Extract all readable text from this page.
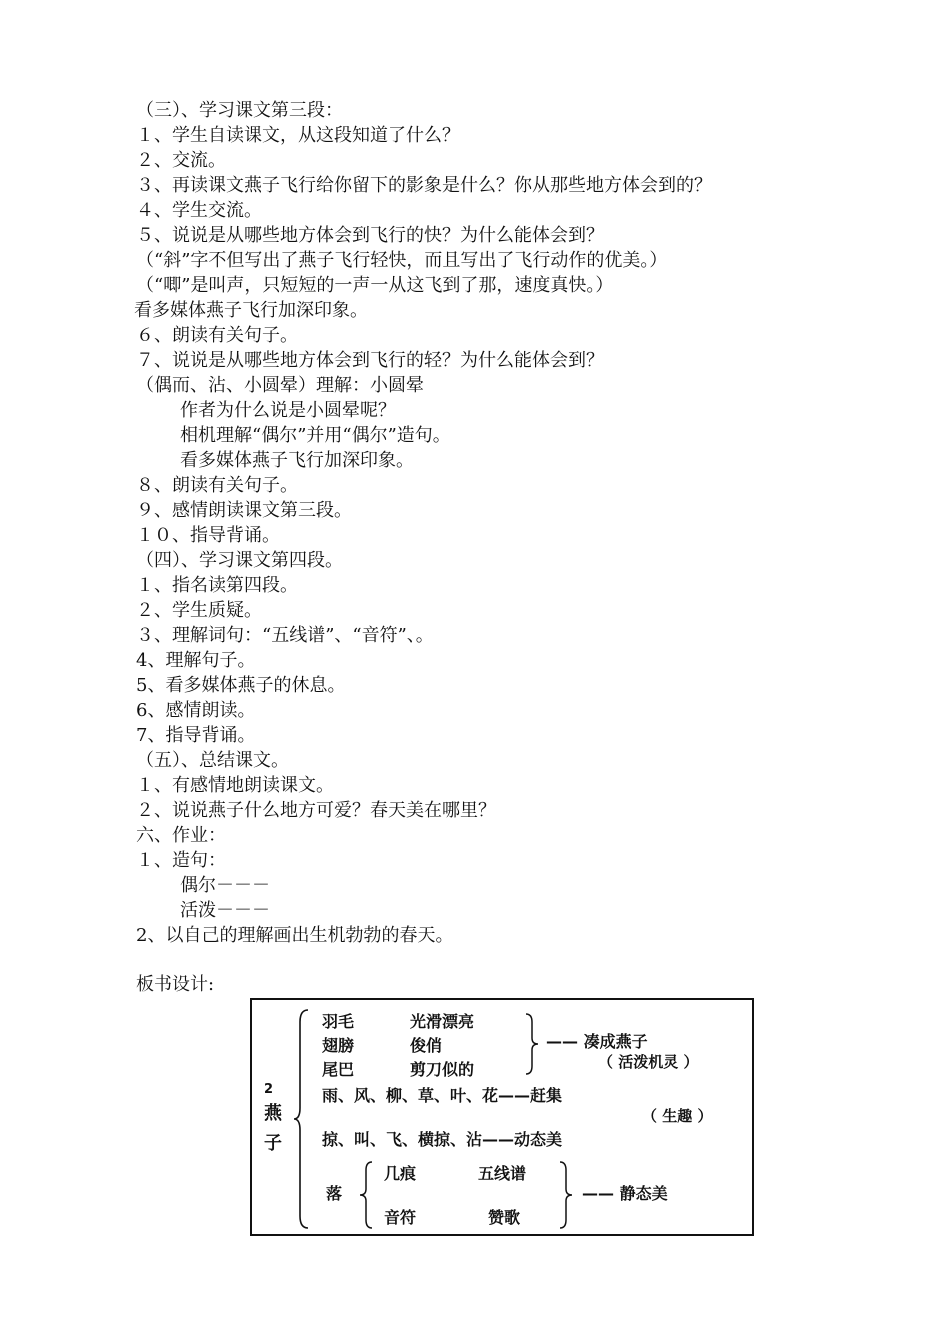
（三）、学习课文第三段：
１、学生自读课文，从这段知道了什么？
２、交流。
３、再读课文燕子飞行给你留下的影象是什么？你从那些地方体会到的？
４、学生交流。
５、说说是从哪些地方体会到飞行的快？为什么能体会到？
（“斜”字不但写出了燕子飞行轻快，而且写出了飞行动作的优美。）
（“唧”是叫声，只短短的一声一从这飞到了那，速度真快。）
看多媒体燕子飞行加深印象。
６、朗读有关句子。
７、说说是从哪些地方体会到飞行的轻？为什么能体会到？
（偶而、沾、小圆晕）理解：小圆晕
作者为什么说是小圆晕呢？
相机理解“偶尔”并用“偶尔”造句。
看多媒体燕子飞行加深印象。
８、朗读有关句子。
９、感情朗读课文第三段。
１０、指导背诵。
（四）、学习课文第四段。
１、指名读第四段。
２、学生质疑。
３、理解词句：“五线谱”、“音符”、。
4、理解句子。
5、看多媒体燕子的休息。
6、感情朗读。
7、指导背诵。
（五）、总结课文。
１、有感情地朗读课文。
２、说说燕子什么地方可爱？春天美在哪里？
六、作业：
１、造句：
偶尔－－－
活泼－－－
2、以自己的理解画出生机勃勃的春天。
板书设计:
2
燕
子
羽毛	光滑漂亮
翅膀	俊俏
尾巴	剪刀似的
—— 凑成燕子
（ 活泼机灵 ）
雨、风、柳、草、叶、花——赶集
（ 生趣 ）
掠、叫、飞、横掠、沾——动态美
落
几痕	五线谱
音符	赞歌
—— 静态美
